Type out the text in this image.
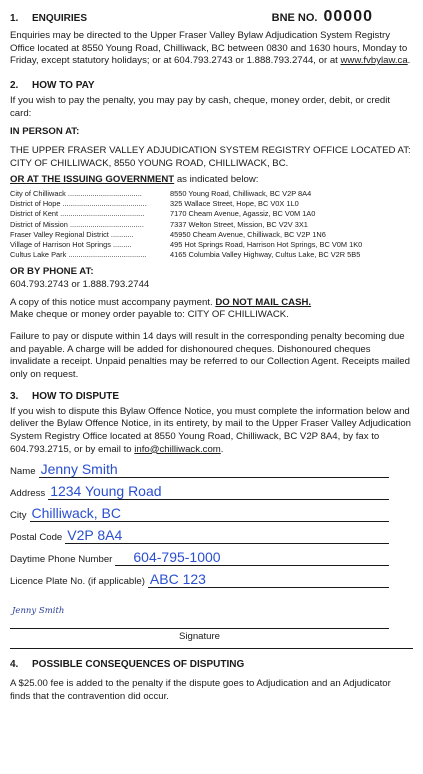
1.	ENQUIRIES	BNE NO. 00000

Enquiries may be directed to the Upper Fraser Valley Bylaw Adjudication System Registry Office located at 8550 Young Road, Chilliwack, BC between 0830 and 1630 hours, Monday to Friday, except statutory holidays; or at 604.793.2743 or 1.888.793.2744, or at www.fvbylaw.ca.

2.	HOW TO PAY

If you wish to pay the penalty, you may pay by cash, cheque, money order, debit, or credit card:

IN PERSON AT:
THE UPPER FRASER VALLEY ADJUDICATION SYSTEM REGISTRY OFFICE LOCATED AT: CITY OF CHILLIWACK, 8550 YOUNG ROAD, CHILLIWACK, BC.
OR AT THE ISSUING GOVERNMENT as indicated below:
City of Chilliwack ....................................	8550 Young Road, Chilliwack, BC V2P 8A4
District of Hope .........................................	325 Wallace Street, Hope, BC V0X 1L0
District of Kent .........................................	7170 Cheam Avenue, Agassiz, BC V0M 1A0
District of Mission ....................................	7337 Welton Street, Mission, BC V2V 3X1
Fraser Valley Regional District ...........	45950 Cheam Avenue, Chilliwack, BC V2P 1N6
Village of Harrison Hot Springs .........	495 Hot Springs Road, Harrison Hot Springs, BC V0M 1K0
Cultus Lake Park ......................................	4165 Columbia Valley Highway, Cultus Lake, BC V2R 5B5
OR BY PHONE AT:

604.793.2743 or 1.888.793.2744

A copy of this notice must accompany payment. DO NOT MAIL CASH.
Make cheque or money order payable to: CITY OF CHILLIWACK.

Failure to pay or dispute within 14 days will result in the corresponding penalty becoming due and payable. A charge will be added for dishonoured cheques. Dishonoured cheques invalidate a receipt. Unpaid penalties may be referred to our Collection Agent. Receipts mailed only on request.

3.	HOW TO DISPUTE

If you wish to dispute this Bylaw Offence Notice, you must complete the information below and deliver the Bylaw Offence Notice, in its entirety, by mail to the Upper Fraser Valley Adjudication System Registry Office located at 8550 Young Road, Chilliwack, BC V2P 8A4, by fax to 604.793.2715, or by email to info@chilliwack.com.

Name Jenny Smith
Address 1234 Young Road
City Chilliwack, BC
Postal Code V2P 8A4
Daytime Phone Number	604-795-1000
Licence Plate No. (if applicable) ABC 123
Jenny Smith
Signature
4.	POSSIBLE CONSEQUENCES OF DISPUTING

A $25.00 fee is added to the penalty if the dispute goes to Adjudication and an Adjudicator finds that the contravention did occur.
